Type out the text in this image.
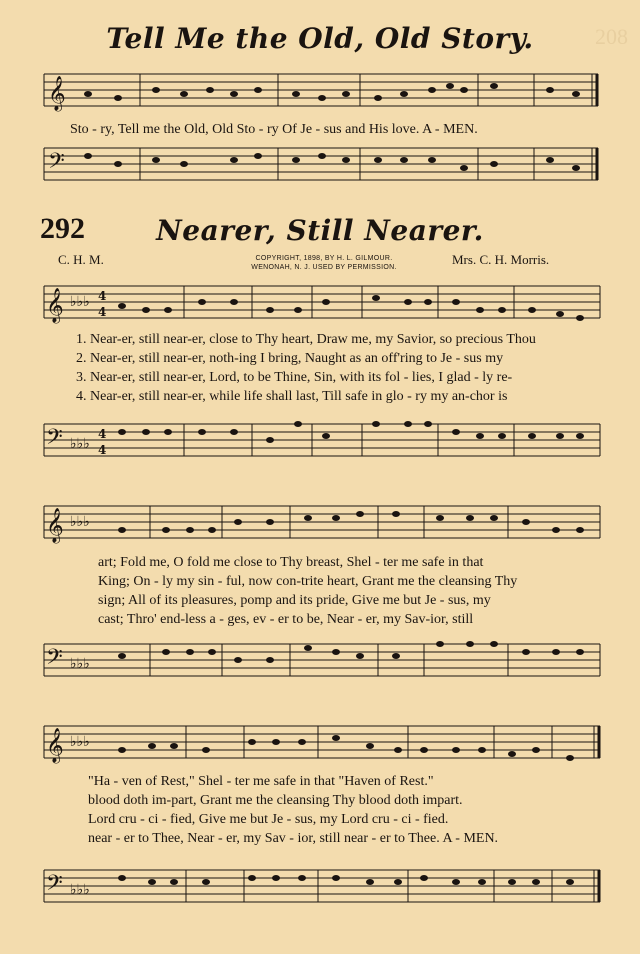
208
Tell Me the Old, Old Story.
𝄞
Sto - ry, Tell me the Old, Old Sto - ry Of Je - sus and His love. A - MEN.
𝄢
292	Nearer, Still Nearer.
C. H. M.	COPYRIGHT, 1898, BY H. L. GILMOUR.
WENONAH, N. J. USED BY PERMISSION.
Mrs. C. H. Morris.
𝄞 ♭♭♭ 4
4
1. Near-er, still near-er, close to Thy heart, Draw me, my Savior, so precious Thou
2. Near-er, still near-er, noth-ing I bring, Naught as an off'ring to Je - sus my
3. Near-er, still near-er, Lord, to be Thine, Sin, with its fol - lies, I glad - ly re-
4. Near-er, still near-er, while life shall last, Till safe in glo - ry my an-chor is
𝄢 ♭♭♭
4
4
𝄞 ♭♭♭
art; Fold me, O fold me close to Thy breast, Shel - ter me safe in that
King; On - ly my sin - ful, now con-trite heart, Grant me the cleansing Thy
sign; All of its pleasures, pomp and its pride, Give me but Je - sus, my
cast; Thro' end-less a - ges, ev - er to be, Near - er, my Sav-ior, still
𝄢 ♭♭♭
𝄞 ♭♭♭
"Ha - ven of Rest," Shel - ter me safe in that "Haven of Rest."
blood doth im-part, Grant me the cleansing Thy blood doth impart.
Lord cru - ci - fied, Give me but Je - sus, my Lord cru - ci - fied.
near - er to Thee, Near - er, my Sav - ior, still near - er to Thee. A - MEN.
𝄢 ♭♭♭
